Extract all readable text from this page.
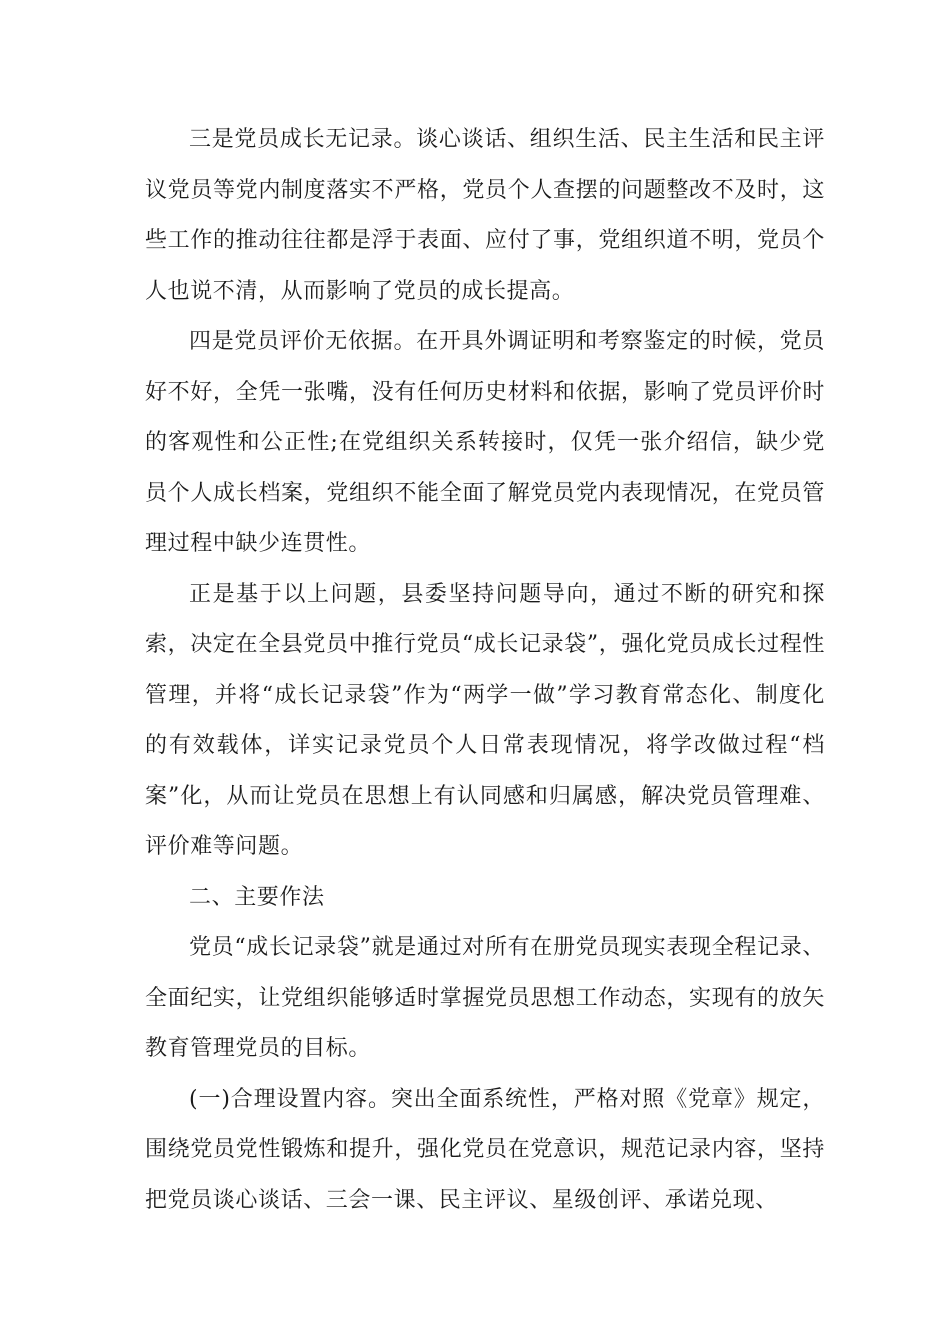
三是党员成长无记录。谈心谈话、组织生活、民主生活和民主评议党员等党内制度落实不严格，党员个人查摆的问题整改不及时，这些工作的推动往往都是浮于表面、应付了事，党组织道不明，党员个人也说不清，从而影响了党员的成长提高。

四是党员评价无依据。在开具外调证明和考察鉴定的时候，党员好不好，全凭一张嘴，没有任何历史材料和依据，影响了党员评价时的客观性和公正性;在党组织关系转接时，仅凭一张介绍信，缺少党员个人成长档案，党组织不能全面了解党员党内表现情况，在党员管理过程中缺少连贯性。

正是基于以上问题，县委坚持问题导向，通过不断的研究和探索，决定在全县党员中推行党员“成长记录袋”，强化党员成长过程性管理，并将“成长记录袋”作为“两学一做”学习教育常态化、制度化的有效载体，详实记录党员个人日常表现情况，将学改做过程“档案”化，从而让党员在思想上有认同感和归属感，解决党员管理难、评价难等问题。

二、主要作法

党员“成长记录袋”就是通过对所有在册党员现实表现全程记录、全面纪实，让党组织能够适时掌握党员思想工作动态，实现有的放矢教育管理党员的目标。

(一)合理设置内容。突出全面系统性，严格对照《党章》规定，围绕党员党性锻炼和提升，强化党员在党意识，规范记录内容，坚持把党员谈心谈话、三会一课、民主评议、星级创评、承诺兑现、
